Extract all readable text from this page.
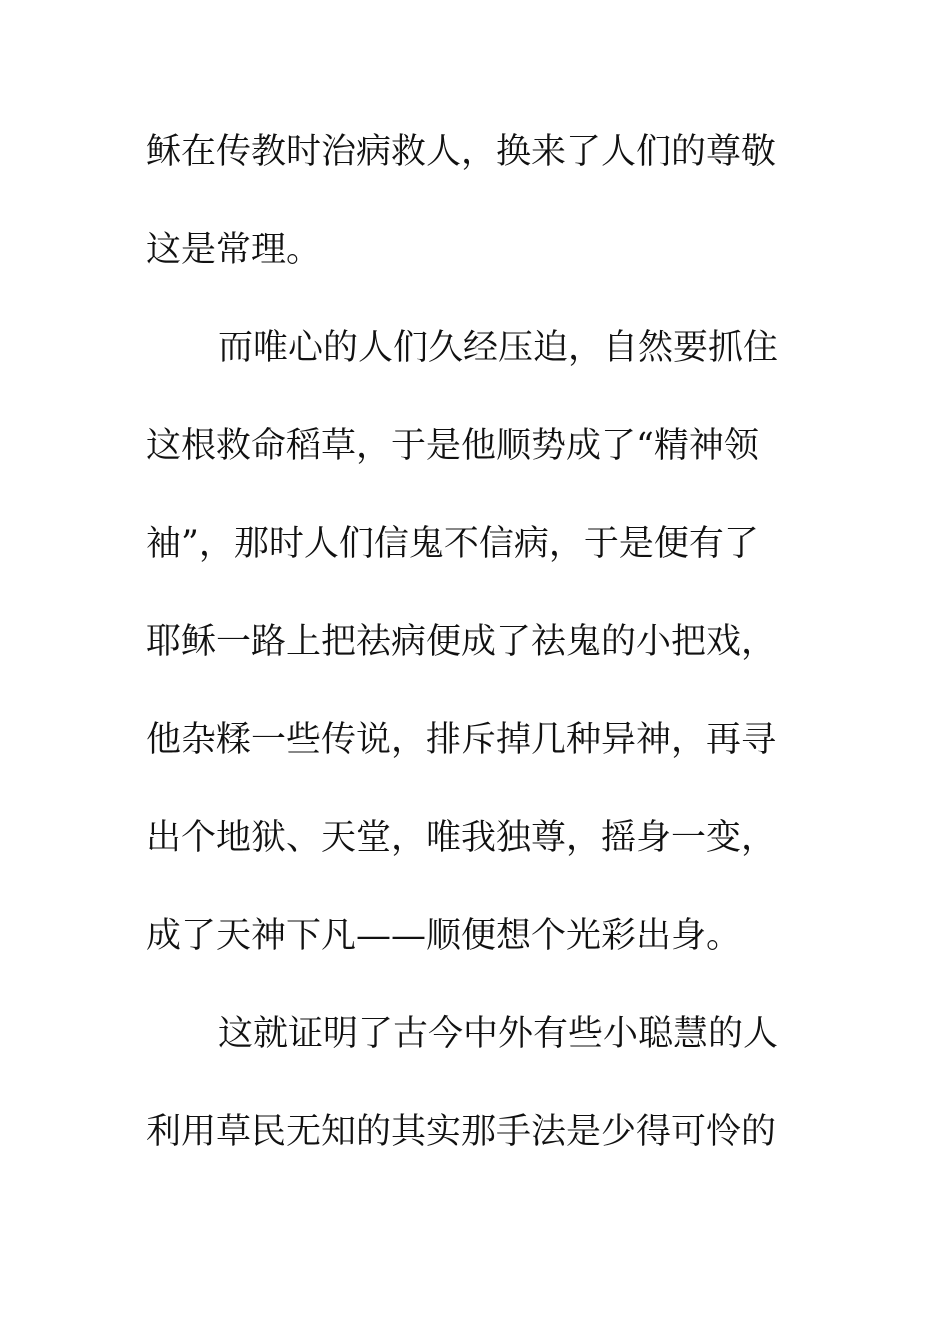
稣在传教时治病救人，换来了人们的尊敬
这是常理。
而唯心的人们久经压迫，自然要抓住
这根救命稻草，于是他顺势成了“精神领
袖”，那时人们信鬼不信病，于是便有了
耶稣一路上把祛病便成了祛鬼的小把戏，
他杂糅一些传说，排斥掉几种异神，再寻
出个地狱、天堂，唯我独尊，摇身一变，
成了天神下凡——顺便想个光彩出身。
这就证明了古今中外有些小聪慧的人
利用草民无知的其实那手法是少得可怜的
